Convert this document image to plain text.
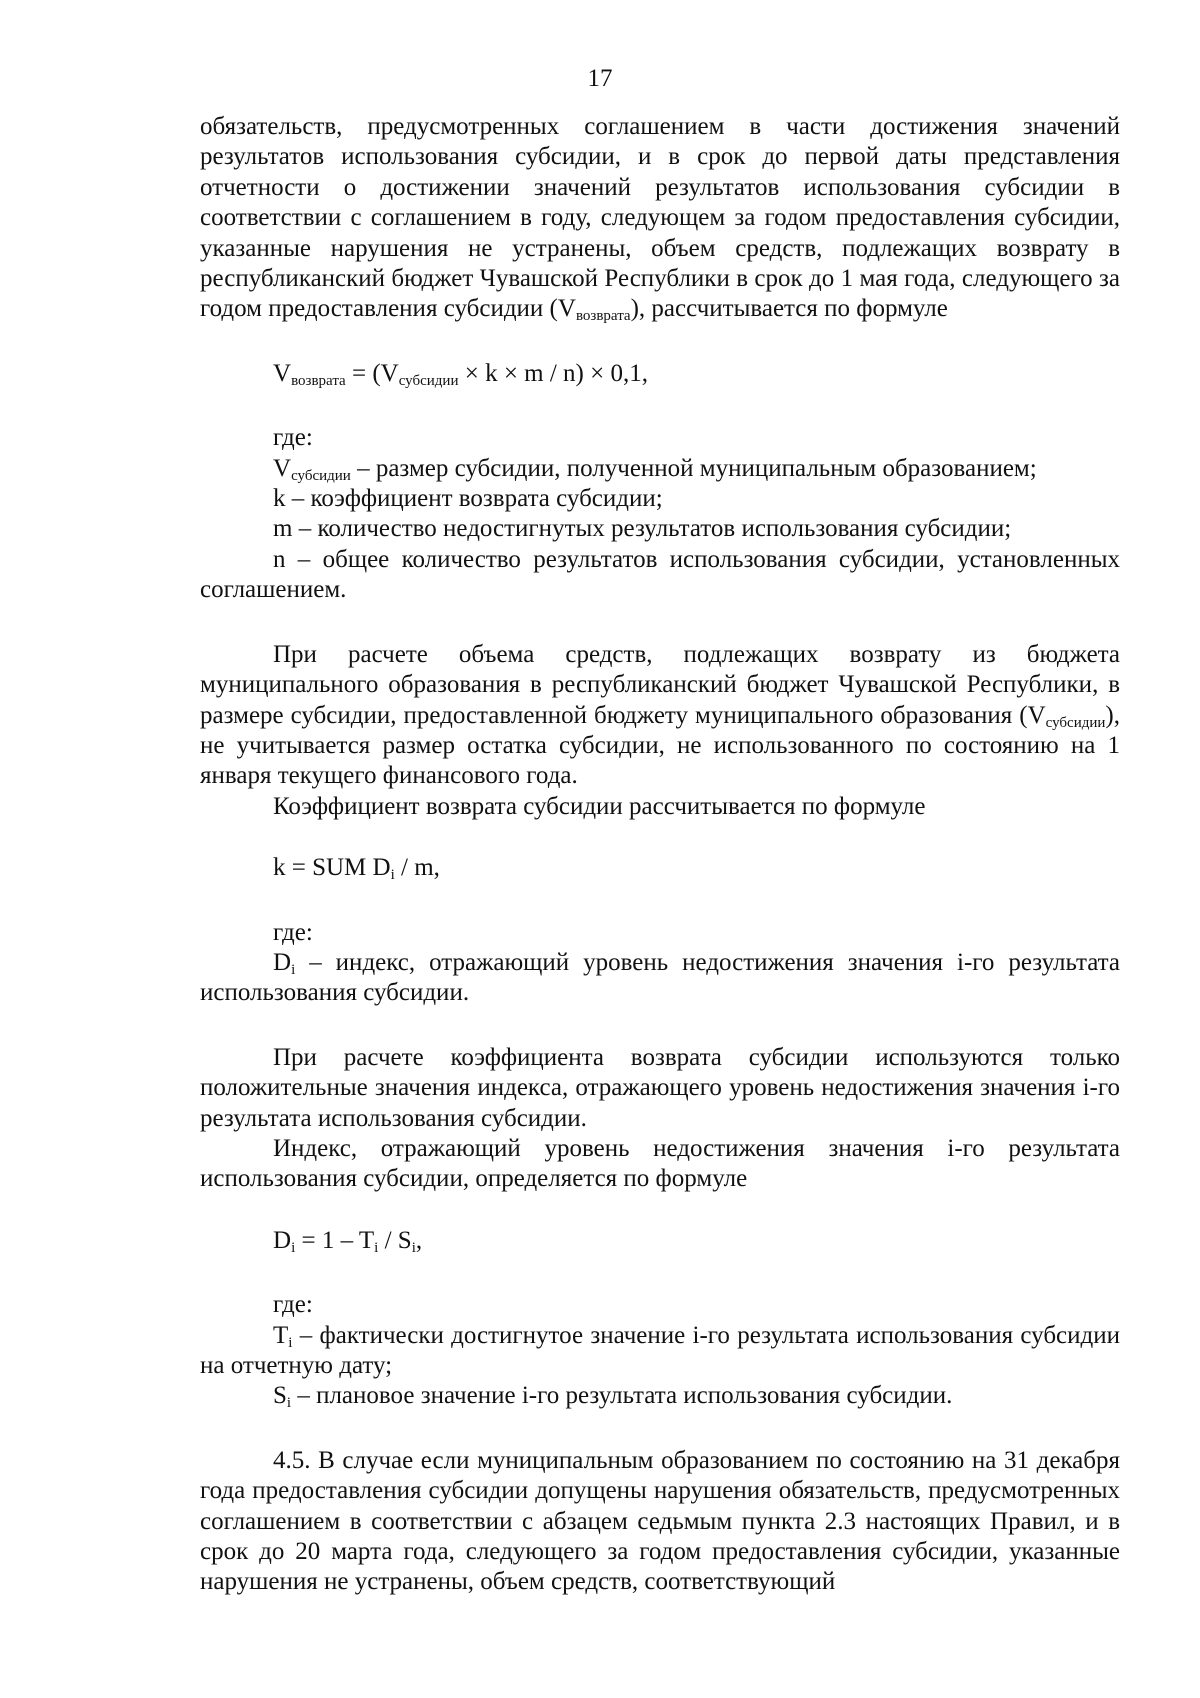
17

обязательств, предусмотренных соглашением в части достижения значений результатов использования субсидии, и в срок до первой даты представления отчетности о достижении значений результатов использования субсидии в соответствии с соглашением в году, следующем за годом предоставления субсидии, указанные нарушения не устранены, объем средств, подлежащих возврату в республиканский бюджет Чувашской Республики в срок до 1 мая года, следующего за годом предоставления субсидии $(V_{возврата})$, рассчитывается по формуле

$V_{возврата} = (V_{субсидии} \times k \times m / n) \times 0,1$,

где:

$V_{субсидии}$ – размер субсидии, полученной муниципальным образованием;

k – коэффициент возврата субсидии;

m – количество недостигнутых результатов использования субсидии;

n – общее количество результатов использования субсидии, установленных соглашением.

При расчете объема средств, подлежащих возврату из бюджета муниципального образования в республиканский бюджет Чувашской Республики, в размере субсидии, предоставленной бюджету муниципального образования $(V_{субсидии})$, не учитывается размер остатка субсидии, не использованного по состоянию на 1 января текущего финансового года.

Коэффициент возврата субсидии рассчитывается по формуле

k = SUM $D_i$ / m,

где:

$D_i$ – индекс, отражающий уровень недостижения значения i-го результата использования субсидии.

При расчете коэффициента возврата субсидии используются только положительные значения индекса, отражающего уровень недостижения значения i-го результата использования субсидии.

Индекс, отражающий уровень недостижения значения i-го результата использования субсидии, определяется по формуле

$D_i = 1 - T_i / S_i$,

где:

$T_i$ – фактически достигнутое значение i-го результата использования субсидии на отчетную дату;

$S_i$ – плановое значение i-го результата использования субсидии.

4.5. В случае если муниципальным образованием по состоянию на 31 декабря года предоставления субсидии допущены нарушения обязательств, предусмотренных соглашением в соответствии с абзацем седьмым пункта 2.3 настоящих Правил, и в срок до 20 марта года, следующего за годом предоставления субсидии, указанные нарушения не устранены, объем средств, соответствующий
